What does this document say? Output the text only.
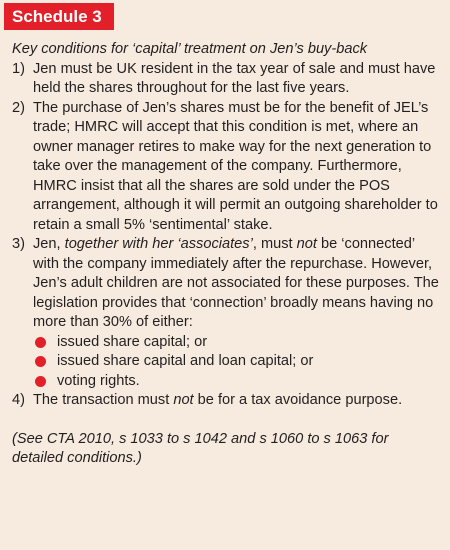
Schedule 3
Key conditions for ‘capital’ treatment on Jen’s buy-back
1) Jen must be UK resident in the tax year of sale and must have held the shares throughout for the last five years.
2) The purchase of Jen’s shares must be for the benefit of JEL’s trade; HMRC will accept that this condition is met, where an owner manager retires to make way for the next generation to take over the management of the company. Furthermore, HMRC insist that all the shares are sold under the POS arrangement, although it will permit an outgoing shareholder to retain a small 5% ‘sentimental’ stake.
3) Jen, together with her ‘associates’, must not be ‘connected’ with the company immediately after the repurchase. However, Jen’s adult children are not associated for these purposes. The legislation provides that ‘connection’ broadly means having no more than 30% of either:
issued share capital; or
issued share capital and loan capital; or
voting rights.
4) The transaction must not be for a tax avoidance purpose.
(See CTA 2010, s 1033 to s 1042 and s 1060 to s 1063 for detailed conditions.)
